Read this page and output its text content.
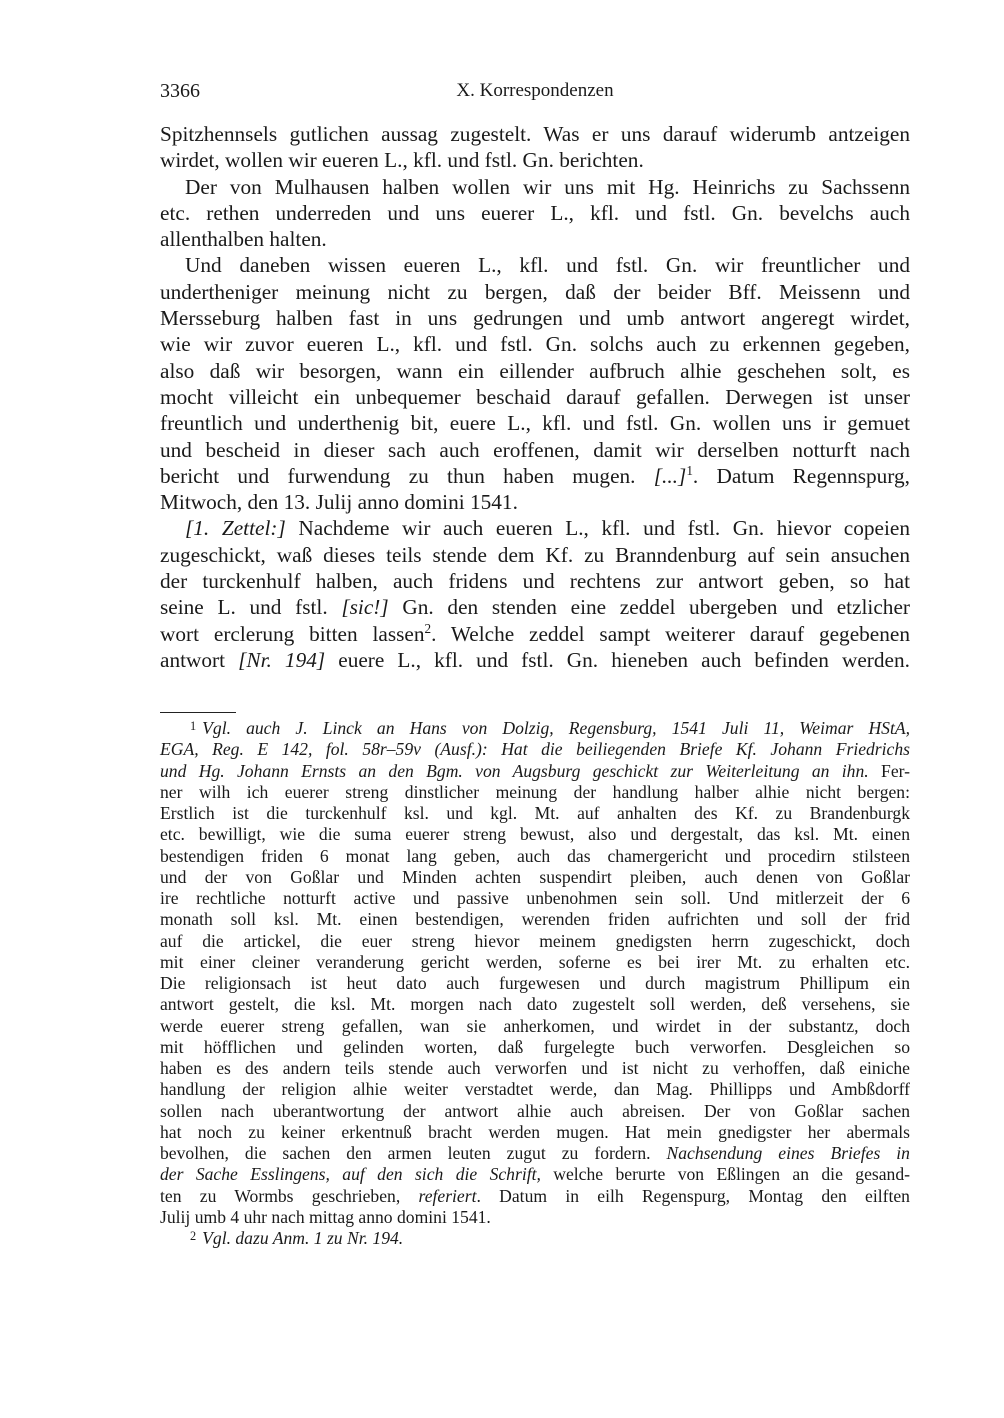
3366	X. Korrespondenzen
Spitzhennsels gutlichen aussag zugestelt. Was er uns darauf widerumb antzeigen
wirdet, wollen wir eueren L., kfl. und fstl. Gn. berichten.
Der von Mulhausen halben wollen wir uns mit Hg. Heinrichs zu Sachssenn
etc. rethen underreden und uns euerer L., kfl. und fstl. Gn. bevelchs auch
allenthalben halten.
Und daneben wissen eueren L., kfl. und fstl. Gn. wir freuntlicher und
undertheniger meinung nicht zu bergen, daß der beider Bff. Meissenn und
Mersseburg halben fast in uns gedrungen und umb antwort angeregt wirdet,
wie wir zuvor eueren L., kfl. und fstl. Gn. solchs auch zu erkennen gegeben,
also daß wir besorgen, wann ein eillender aufbruch alhie geschehen solt, es
mocht villeicht ein unbequemer beschaid darauf gefallen. Derwegen ist unser
freuntlich und underthenig bit, euere L., kfl. und fstl. Gn. wollen uns ir gemuet
und bescheid in dieser sach auch eroffenen, damit wir derselben notturft nach
bericht und furwendung zu thun haben mugen. [...]$^1$. Datum Regennspurg,
Mitwoch, den 13. Julij anno domini 1541.
[1. Zettel:] Nachdeme wir auch eueren L., kfl. und fstl. Gn. hievor copeien
zugeschickt, waß dieses teils stende dem Kf. zu Branndenburg auf sein ansuchen
der turckenhulf halben, auch fridens und rechtens zur antwort geben, so hat
seine L. und fstl. [sic!] Gn. den stenden eine zeddel ubergeben und etzlicher
wort erclerung bitten lassen$^2$. Welche zeddel sampt weiterer darauf gegebenen
antwort [Nr. 194] euere L., kfl. und fstl. Gn. hieneben auch befinden werden.
$^1$ Vgl. auch J. Linck an Hans von Dolzig, Regensburg, 1541 Juli 11, Weimar HStA,
EGA, Reg. E 142, fol. 58r–59v (Ausf.): Hat die beiliegenden Briefe Kf. Johann Friedrichs
und Hg. Johann Ernsts an den Bgm. von Augsburg geschickt zur Weiterleitung an ihn. Fer-
ner wilh ich euerer streng dinstlicher meinung der handlung halber alhie nicht bergen:
Erstlich ist die turckenhulf ksl. und kgl. Mt. auf anhalten des Kf. zu Brandenburgk
etc. bewilligt, wie die suma euerer streng bewust, also und dergestalt, das ksl. Mt. einen
bestendigen friden 6 monat lang geben, auch das chamergericht und procedirn stilsteen
und der von Goßlar und Minden achten suspendirt pleiben, auch denen von Goßlar
ire rechtliche notturft active und passive unbenohmen sein soll. Und mitlerzeit der 6
monath soll ksl. Mt. einen bestendigen, werenden friden aufrichten und soll der frid
auf die artickel, die euer streng hievor meinem gnedigsten herrn zugeschickt, doch
mit einer cleiner veranderung gericht werden, soferne es bei irer Mt. zu erhalten etc.
Die religionsach ist heut dato auch furgewesen und durch magistrum Phillipum ein
antwort gestelt, die ksl. Mt. morgen nach dato zugestelt soll werden, deß versehens, sie
werde euerer streng gefallen, wan sie anherkomen, und wirdet in der substantz, doch
mit höfflichen und gelinden worten, daß furgelegte buch verworfen. Desgleichen so
haben es des andern teils stende auch verworfen und ist nicht zu verhoffen, daß einiche
handlung der religion alhie weiter verstadtet werde, dan Mag. Phillipps und Ambßdorff
sollen nach uberantwortung der antwort alhie auch abreisen. Der von Goßlar sachen
hat noch zu keiner erkentnuß bracht werden mugen. Hat mein gnedigster her abermals
bevolhen, die sachen den armen leuten zugut zu fordern. Nachsendung eines Briefes in
der Sache Esslingens, auf den sich die Schrift, welche berurte von Eßlingen an die gesand-
ten zu Wormbs geschrieben, referiert. Datum in eilh Regenspurg, Montag den eilften
Julij umb 4 uhr nach mittag anno domini 1541.
$^2$ Vgl. dazu Anm. 1 zu Nr. 194.
